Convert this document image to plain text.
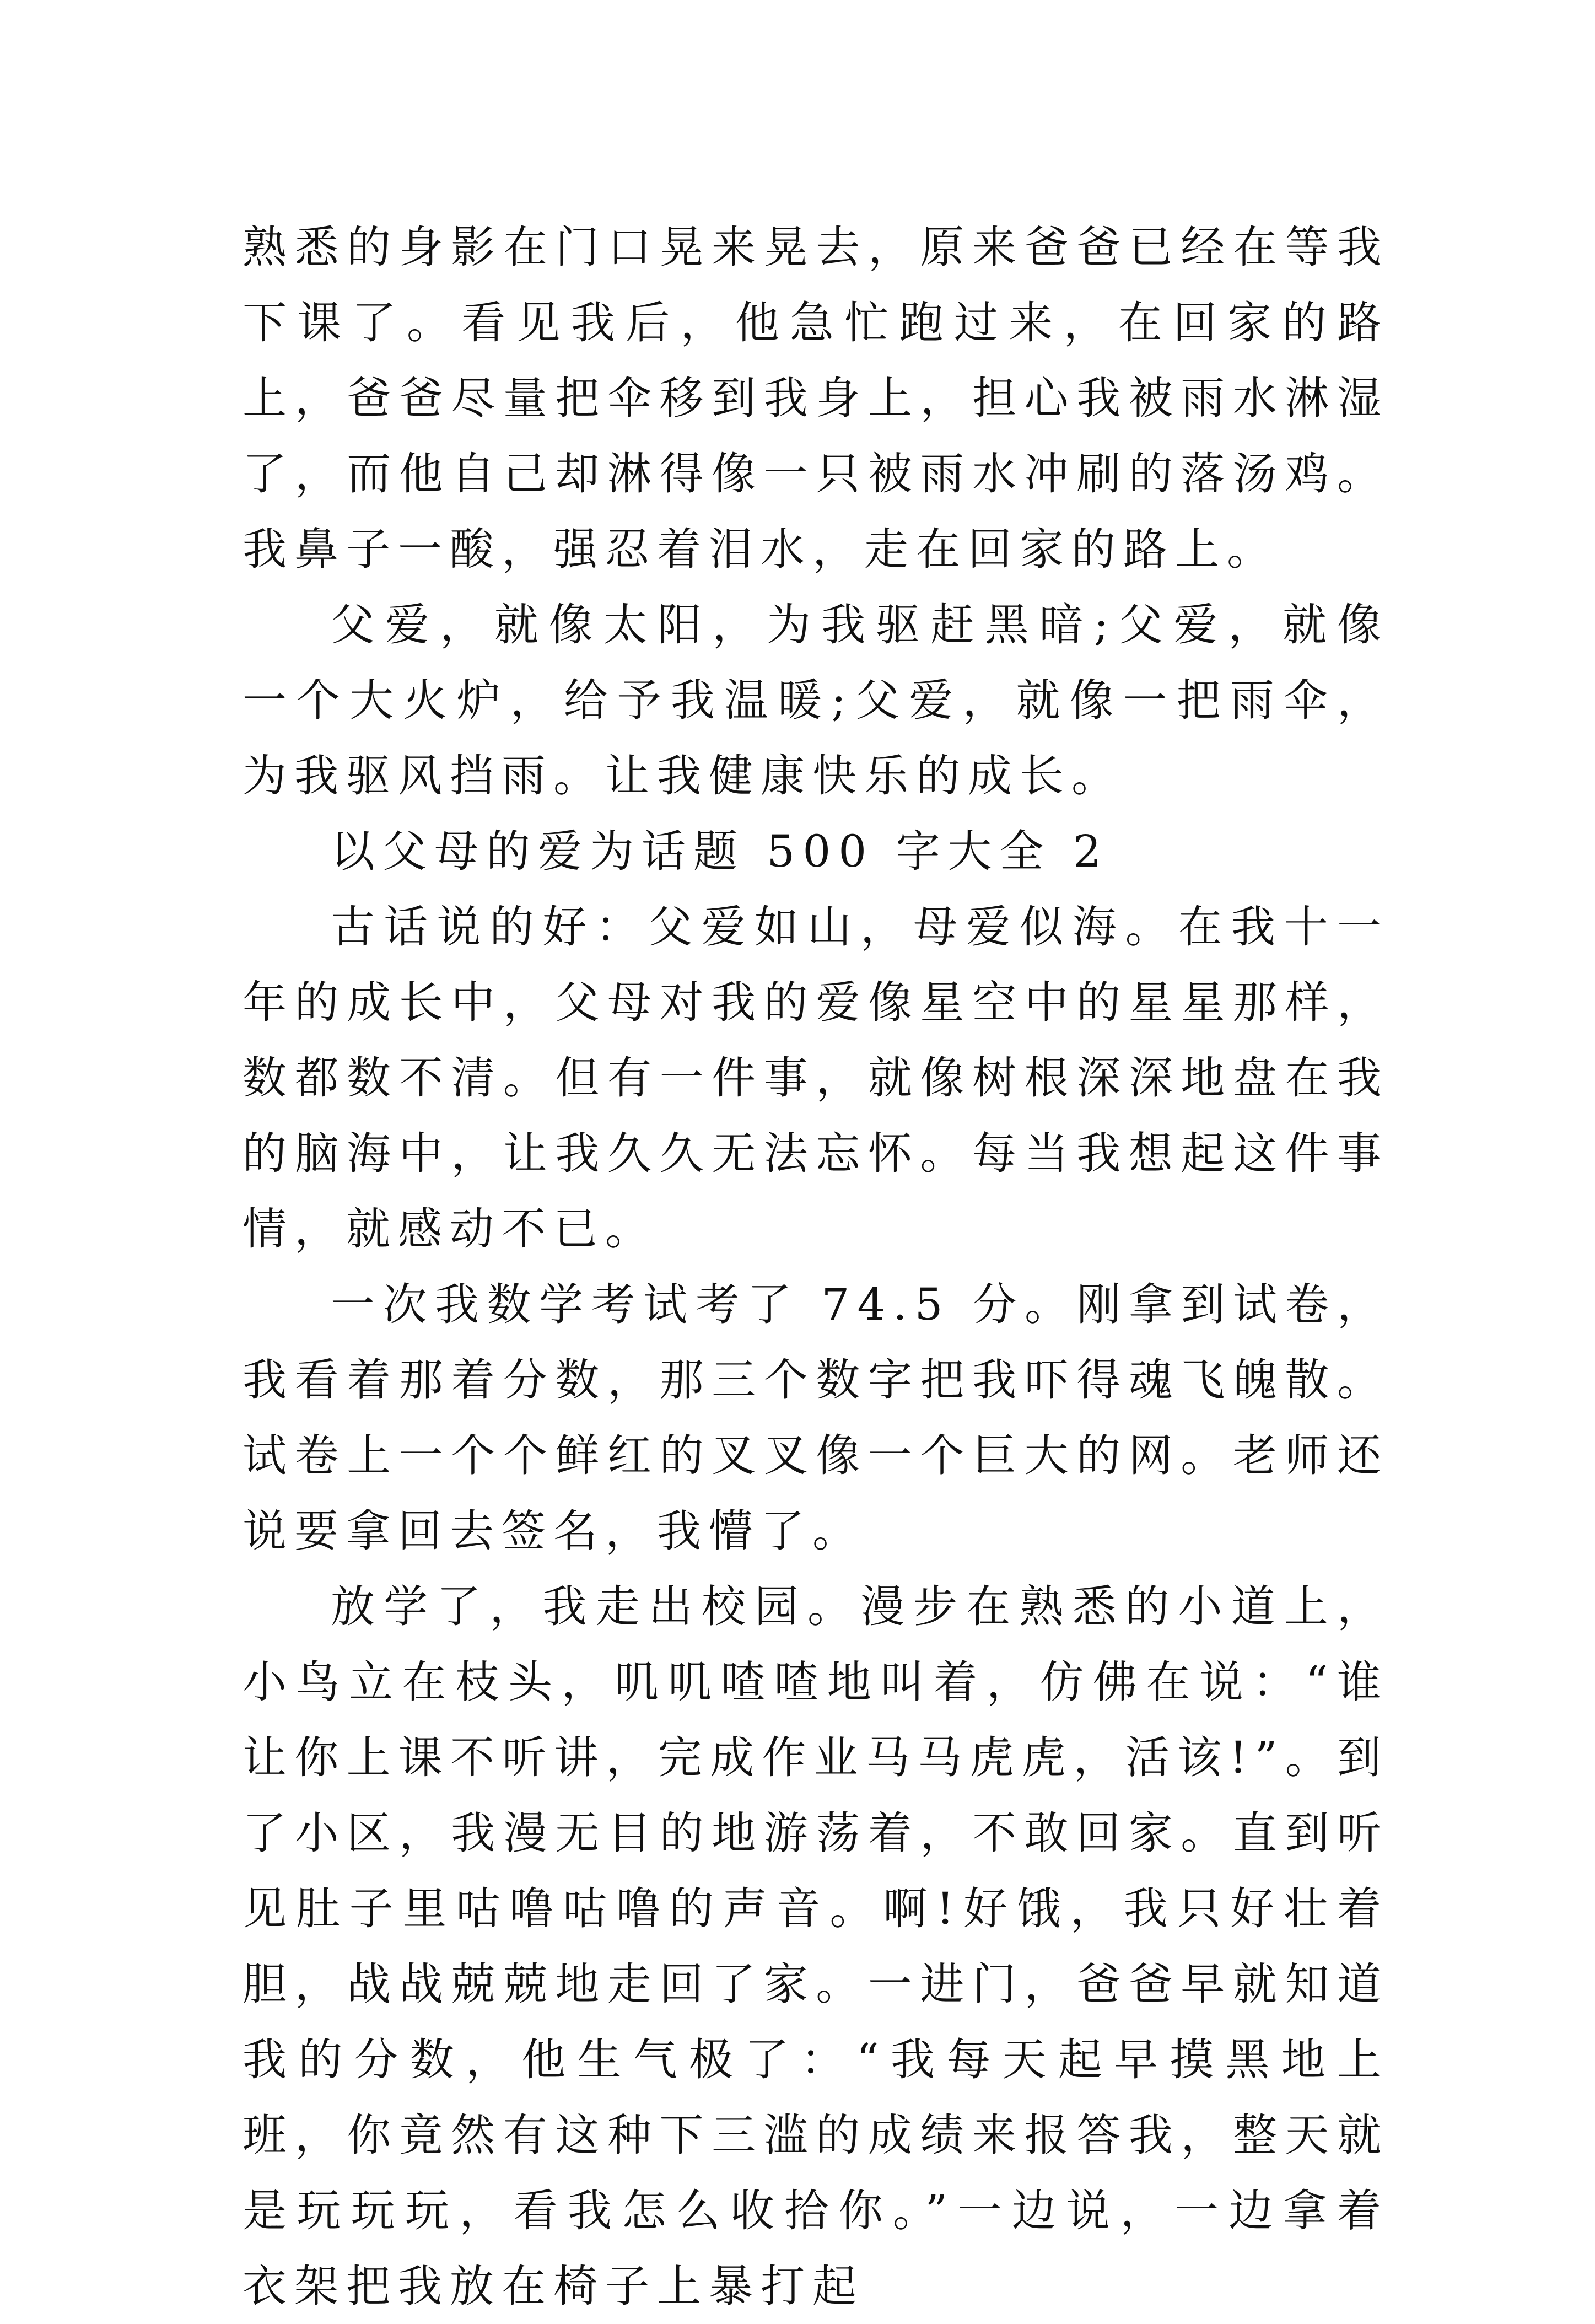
熟悉的身影在门口晃来晃去，原来爸爸已经在等我下课了。看见我后，他急忙跑过来，在回家的路上，爸爸尽量把伞移到我身上，担心我被雨水淋湿了，而他自己却淋得像一只被雨水冲刷的落汤鸡。我鼻子一酸，强忍着泪水，走在回家的路上。

父爱，就像太阳，为我驱赶黑暗;父爱，就像一个大火炉，给予我温暖;父爱，就像一把雨伞，为我驱风挡雨。让我健康快乐的成长。

以父母的爱为话题 500 字大全 2

古话说的好：父爱如山，母爱似海。在我十一年的成长中，父母对我的爱像星空中的星星那样，数都数不清。但有一件事，就像树根深深地盘在我的脑海中，让我久久无法忘怀。每当我想起这件事情，就感动不已。

一次我数学考试考了 74.5 分。刚拿到试卷，我看着那着分数，那三个数字把我吓得魂飞魄散。试卷上一个个鲜红的叉叉像一个巨大的网。老师还说要拿回去签名，我懵了。

放学了，我走出校园。漫步在熟悉的小道上，小鸟立在枝头，叽叽喳喳地叫着，仿佛在说：“谁让你上课不听讲，完成作业马马虎虎，活该!”。到了小区，我漫无目的地游荡着，不敢回家。直到听见肚子里咕噜咕噜的声音。啊!好饿，我只好壮着胆，战战兢兢地走回了家。一进门，爸爸早就知道我的分数，他生气极了：“我每天起早摸黑地上班，你竟然有这种下三滥的成绩来报答我，整天就是玩玩玩，看我怎么收拾你。”一边说，一边拿着衣架把我放在椅子上暴打起
